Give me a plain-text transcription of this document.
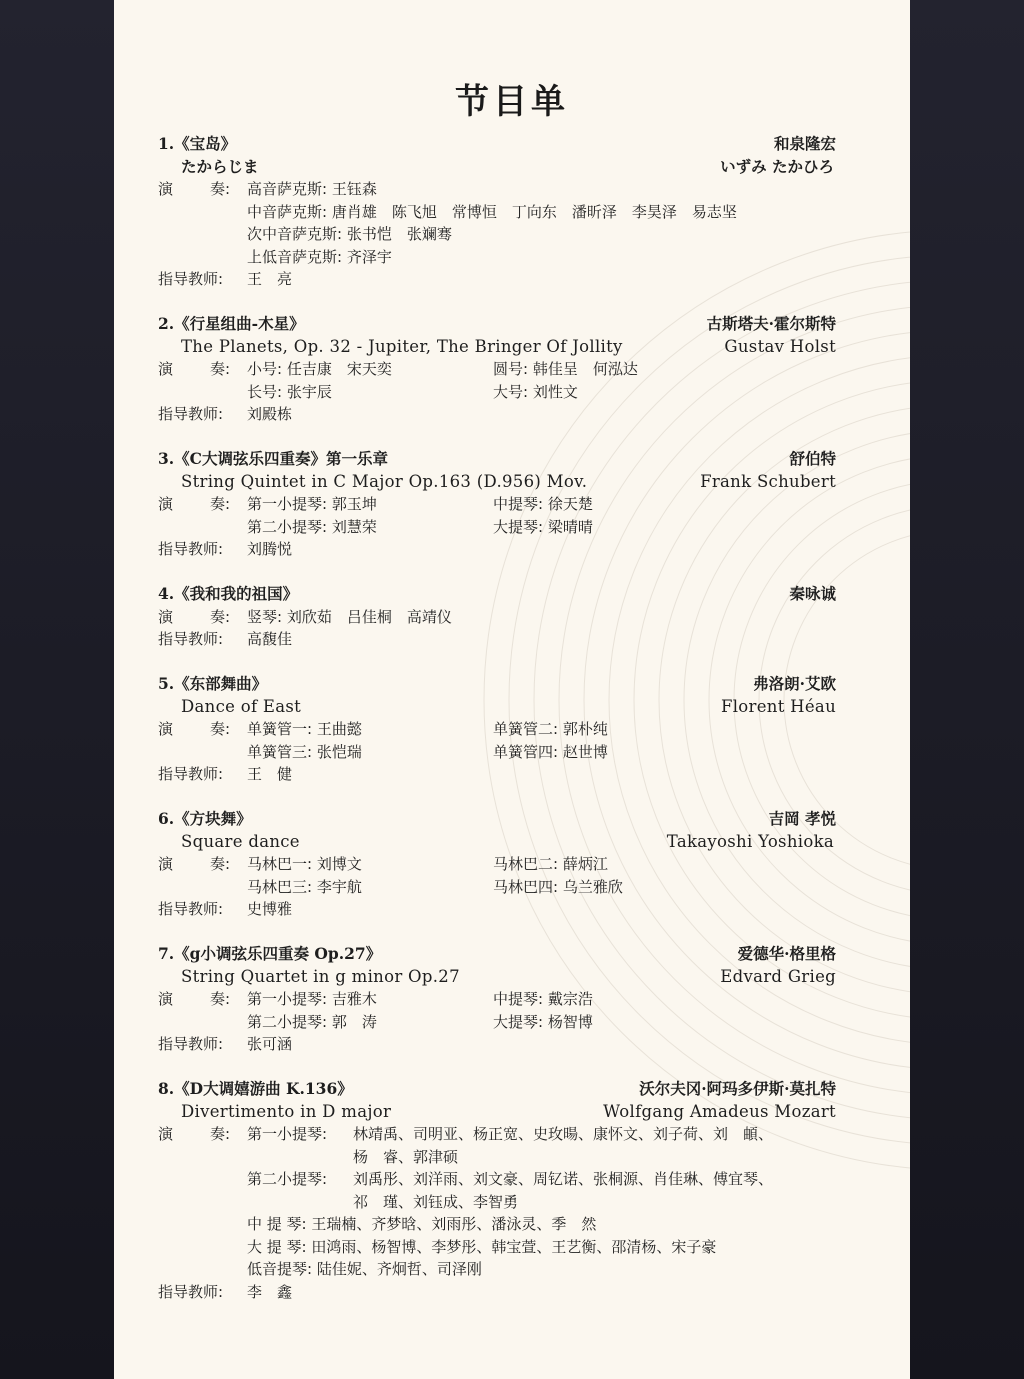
节目单
1.《宝岛》	和泉隆宏
たからじま	いずみ たかひろ
演 奏: 高音萨克斯: 王钰森
中音萨克斯: 唐肖雄　陈飞旭　常博恒　丁向东　潘昕泽　李昊泽　易志坚
次中音萨克斯: 张书恺　张斓骞
上低音萨克斯: 齐泽宇
指导教师: 王　亮
2.《行星组曲-木星》	古斯塔夫·霍尔斯特
The Planets, Op. 32 - Jupiter, The Bringer Of Jollity	Gustav Holst
演 奏: 小号: 任吉康　宋天奕	圆号: 韩佳呈　何泓达
长号: 张宇辰	大号: 刘性文
指导教师: 刘殿栋
3.《C大调弦乐四重奏》第一乐章	舒伯特
String Quintet in C Major Op.163 (D.956) Mov.	Frank Schubert
演 奏: 第一小提琴: 郭玉坤	中提琴: 徐天楚
第二小提琴: 刘慧荣	大提琴: 梁晴晴
指导教师: 刘腾悦
4.《我和我的祖国》	秦咏诚
演 奏: 竖琴: 刘欣茹　吕佳桐　高靖仪
指导教师: 高馥佳
5.《东部舞曲》	弗洛朗·艾欧
Dance of East	Florent Héau
演 奏: 单簧管一: 王曲懿	单簧管二: 郭朴纯
单簧管三: 张恺瑞	单簧管四: 赵世博
指导教师: 王　健
6.《方块舞》	吉岡 孝悦
Square dance	Takayoshi Yoshioka
演 奏: 马林巴一: 刘博文	马林巴二: 薛炳江
马林巴三: 李宇航	马林巴四: 乌兰雅欣
指导教师: 史博雅
7.《g小调弦乐四重奏 Op.27》	爱德华·格里格
String Quartet in g minor Op.27	Edvard Grieg
演 奏: 第一小提琴: 吉雅木	中提琴: 戴宗浩
第二小提琴: 郭　涛	大提琴: 杨智博
指导教师: 张可涵
8.《D大调嬉游曲 K.136》	沃尔夫冈·阿玛多伊斯·莫扎特
Divertimento in D major	Wolfgang Amadeus Mozart
演 奏: 第一小提琴: 林靖禹、司明亚、杨正宽、史玫暘、康怀文、刘子荷、刘　頔、
杨　睿、郭津硕
第二小提琴: 刘禹彤、刘洋雨、刘文豪、周钇诺、张桐源、肖佳琳、傅宜琴、
祁　瑾、刘钰成、李智勇
中 提 琴: 王瑞楠、齐梦晗、刘雨彤、潘泳灵、季　然
大 提 琴: 田鸿雨、杨智博、李梦彤、韩宝萱、王艺衡、邵清杨、宋子豪
低音提琴: 陆佳妮、齐炯哲、司泽刚
指导教师: 李　鑫
